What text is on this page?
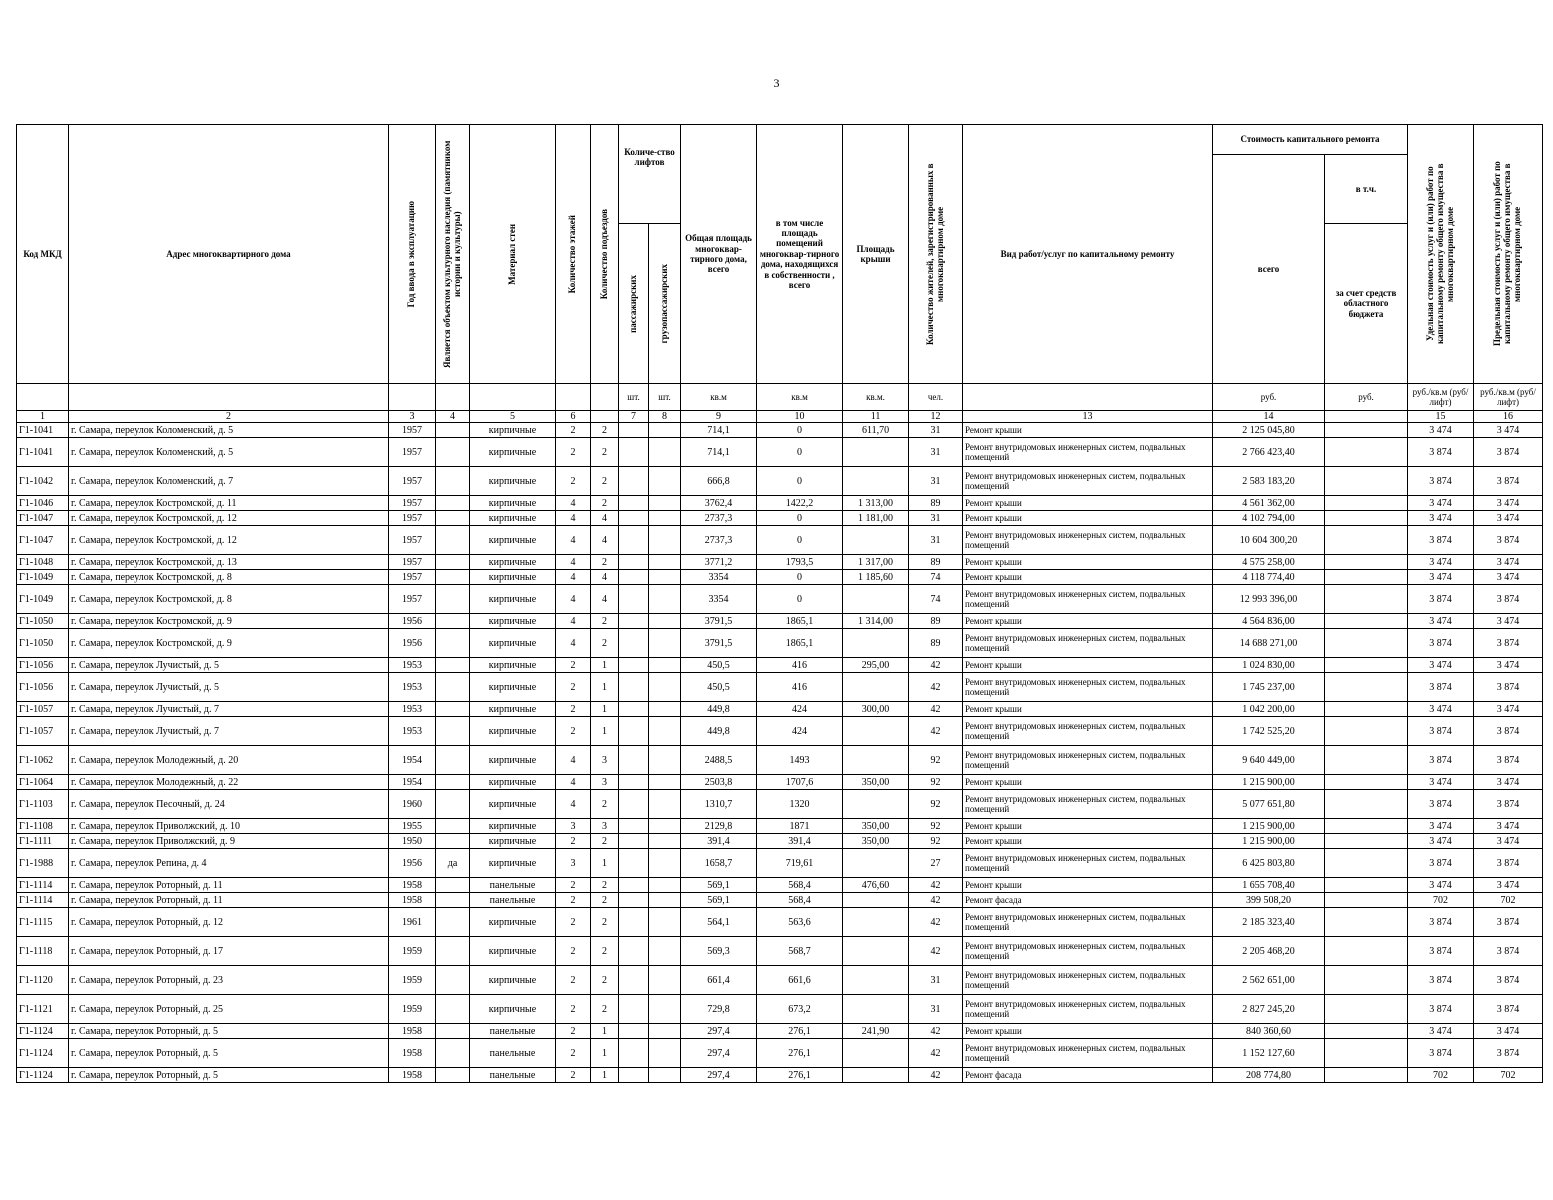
3
Код МКД	Адрес многоквартирного дома	Год ввода в эксплуатацию	Является объектом культурного наследия (памятником истории и культуры)	Материал стен	Количество этажей	Количество подъездов	Количе-ство лифтов		Общая площадь многоквар-тирного дома, всего	в том числе площадь помещений многоквар-тирного дома, находящихся в собственности , всего	Площадь крыши	Количество жителей, зарегистрированных в многоквартирном доме	Вид работ/услуг по капитальному ремонту	Стоимость капитального ремонта		Удельная стоимость услуг и (или) работ по капитальному ремонту общего имущества в многоквартирном доме	Предельная стоимость услуг и (или) работ по капитальному ремонту общего имущества в многоквартирном доме

														всего	в т.ч.		

							пассажирских	грузопассажирских							за счет средств областного бюджета		
							шт.	шт.	кв.м	кв.м	кв.м.	чел.		руб.	руб.	руб./кв.м (руб/лифт)	руб./кв.м (руб/лифт)
1	2	3	4	5	6		7	8	9	10	11	12	13	14		15	16
Г1-1041	г. Самара, переулок Коломенский, д. 5	1957		кирпичные	2	2			714,1	0	611,70	31	Ремонт крыши	2 125 045,80		3 474	3 474
Г1-1041	г. Самара, переулок Коломенский, д. 5	1957		кирпичные	2	2			714,1	0		31	Ремонт внутридомовых инженерных систем, подвальных помещений	2 766 423,40		3 874	3 874
Г1-1042	г. Самара, переулок Коломенский, д. 7	1957		кирпичные	2	2			666,8	0		31	Ремонт внутридомовых инженерных систем, подвальных помещений	2 583 183,20		3 874	3 874
Г1-1046	г. Самара, переулок Костромской, д. 11	1957		кирпичные	4	2			3762,4	1422,2	1 313,00	89	Ремонт крыши	4 561 362,00		3 474	3 474
Г1-1047	г. Самара, переулок Костромской, д. 12	1957		кирпичные	4	4			2737,3	0	1 181,00	31	Ремонт крыши	4 102 794,00		3 474	3 474
Г1-1047	г. Самара, переулок Костромской, д. 12	1957		кирпичные	4	4			2737,3	0		31	Ремонт внутридомовых инженерных систем, подвальных помещений	10 604 300,20		3 874	3 874
Г1-1048	г. Самара, переулок Костромской, д. 13	1957		кирпичные	4	2			3771,2	1793,5	1 317,00	89	Ремонт крыши	4 575 258,00		3 474	3 474
Г1-1049	г. Самара, переулок Костромской, д. 8	1957		кирпичные	4	4			3354	0	1 185,60	74	Ремонт крыши	4 118 774,40		3 474	3 474
Г1-1049	г. Самара, переулок Костромской, д. 8	1957		кирпичные	4	4			3354	0		74	Ремонт внутридомовых инженерных систем, подвальных помещений	12 993 396,00		3 874	3 874
Г1-1050	г. Самара, переулок Костромской, д. 9	1956		кирпичные	4	2			3791,5	1865,1	1 314,00	89	Ремонт крыши	4 564 836,00		3 474	3 474
Г1-1050	г. Самара, переулок Костромской, д. 9	1956		кирпичные	4	2			3791,5	1865,1		89	Ремонт внутридомовых инженерных систем, подвальных помещений	14 688 271,00		3 874	3 874
Г1-1056	г. Самара, переулок Лучистый, д. 5	1953		кирпичные	2	1			450,5	416	295,00	42	Ремонт крыши	1 024 830,00		3 474	3 474
Г1-1056	г. Самара, переулок Лучистый, д. 5	1953		кирпичные	2	1			450,5	416		42	Ремонт внутридомовых инженерных систем, подвальных помещений	1 745 237,00		3 874	3 874
Г1-1057	г. Самара, переулок Лучистый, д. 7	1953		кирпичные	2	1			449,8	424	300,00	42	Ремонт крыши	1 042 200,00		3 474	3 474
Г1-1057	г. Самара, переулок Лучистый, д. 7	1953		кирпичные	2	1			449,8	424		42	Ремонт внутридомовых инженерных систем, подвальных помещений	1 742 525,20		3 874	3 874
Г1-1062	г. Самара, переулок Молодежный, д. 20	1954		кирпичные	4	3			2488,5	1493		92	Ремонт внутридомовых инженерных систем, подвальных помещений	9 640 449,00		3 874	3 874
Г1-1064	г. Самара, переулок Молодежный, д. 22	1954		кирпичные	4	3			2503,8	1707,6	350,00	92	Ремонт крыши	1 215 900,00		3 474	3 474
Г1-1103	г. Самара, переулок Песочный, д. 24	1960		кирпичные	4	2			1310,7	1320		92	Ремонт внутридомовых инженерных систем, подвальных помещений	5 077 651,80		3 874	3 874
Г1-1108	г. Самара, переулок Приволжский, д. 10	1955		кирпичные	3	3			2129,8	1871	350,00	92	Ремонт крыши	1 215 900,00		3 474	3 474
Г1-1111	г. Самара, переулок Приволжский, д. 9	1950		кирпичные	2	2			391,4	391,4	350,00	92	Ремонт крыши	1 215 900,00		3 474	3 474
Г1-1988	г. Самара, переулок Репина, д. 4	1956	да	кирпичные	3	1			1658,7	719,61		27	Ремонт внутридомовых инженерных систем, подвальных помещений	6 425 803,80		3 874	3 874
Г1-1114	г. Самара, переулок Роторный, д. 11	1958		панельные	2	2			569,1	568,4	476,60	42	Ремонт крыши	1 655 708,40		3 474	3 474
Г1-1114	г. Самара, переулок Роторный, д. 11	1958		панельные	2	2			569,1	568,4		42	Ремонт фасада	399 508,20		702	702
Г1-1115	г. Самара, переулок Роторный, д. 12	1961		кирпичные	2	2			564,1	563,6		42	Ремонт внутридомовых инженерных систем, подвальных помещений	2 185 323,40		3 874	3 874
Г1-1118	г. Самара, переулок Роторный, д. 17	1959		кирпичные	2	2			569,3	568,7		42	Ремонт внутридомовых инженерных систем, подвальных помещений	2 205 468,20		3 874	3 874
Г1-1120	г. Самара, переулок Роторный, д. 23	1959		кирпичные	2	2			661,4	661,6		31	Ремонт внутридомовых инженерных систем, подвальных помещений	2 562 651,00		3 874	3 874
Г1-1121	г. Самара, переулок Роторный, д. 25	1959		кирпичные	2	2			729,8	673,2		31	Ремонт внутридомовых инженерных систем, подвальных помещений	2 827 245,20		3 874	3 874
Г1-1124	г. Самара, переулок Роторный, д. 5	1958		панельные	2	1			297,4	276,1	241,90	42	Ремонт крыши	840 360,60		3 474	3 474
Г1-1124	г. Самара, переулок Роторный, д. 5	1958		панельные	2	1			297,4	276,1		42	Ремонт внутридомовых инженерных систем, подвальных помещений	1 152 127,60		3 874	3 874
Г1-1124	г. Самара, переулок Роторный, д. 5	1958		панельные	2	1			297,4	276,1		42	Ремонт фасада	208 774,80		702	702
